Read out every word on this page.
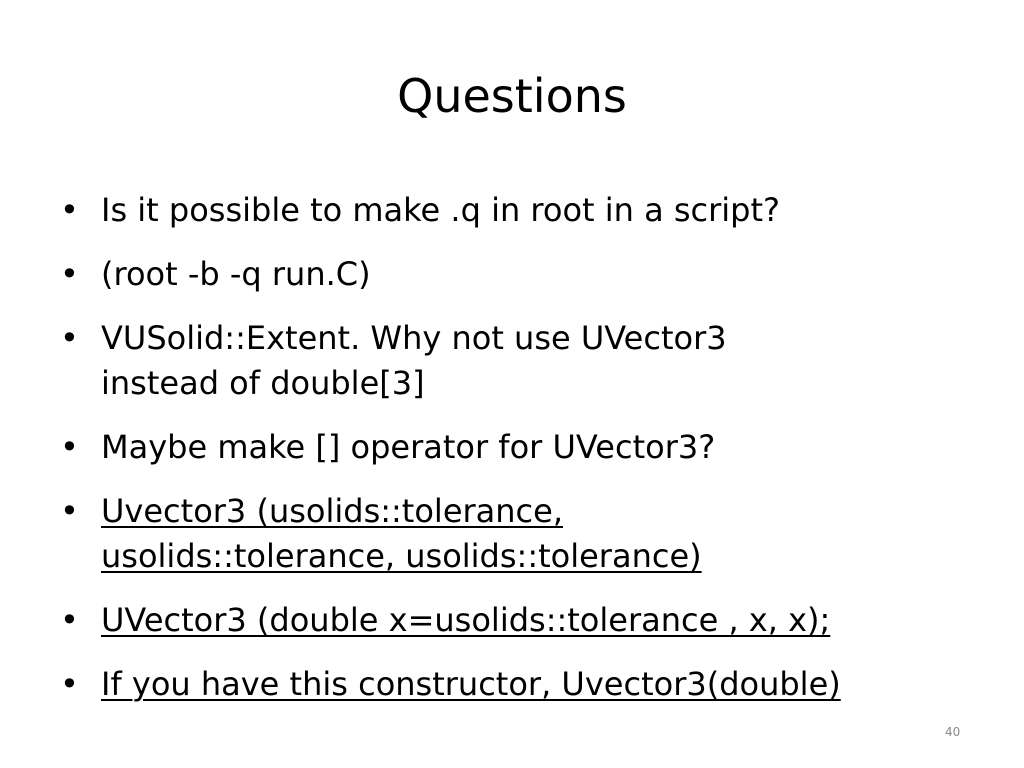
Questions
• Is it possible to make .q in root in a script?
• (root -b -q run.C)
• VUSolid::Extent. Why not use UVector3
instead of double[3]
• Maybe make [] operator for UVector3?
• Uvector3 (usolids::tolerance,
usolids::tolerance, usolids::tolerance)
• UVector3 (double x=usolids::tolerance , x, x);
• If you have this constructor, Uvector3(double)
40
